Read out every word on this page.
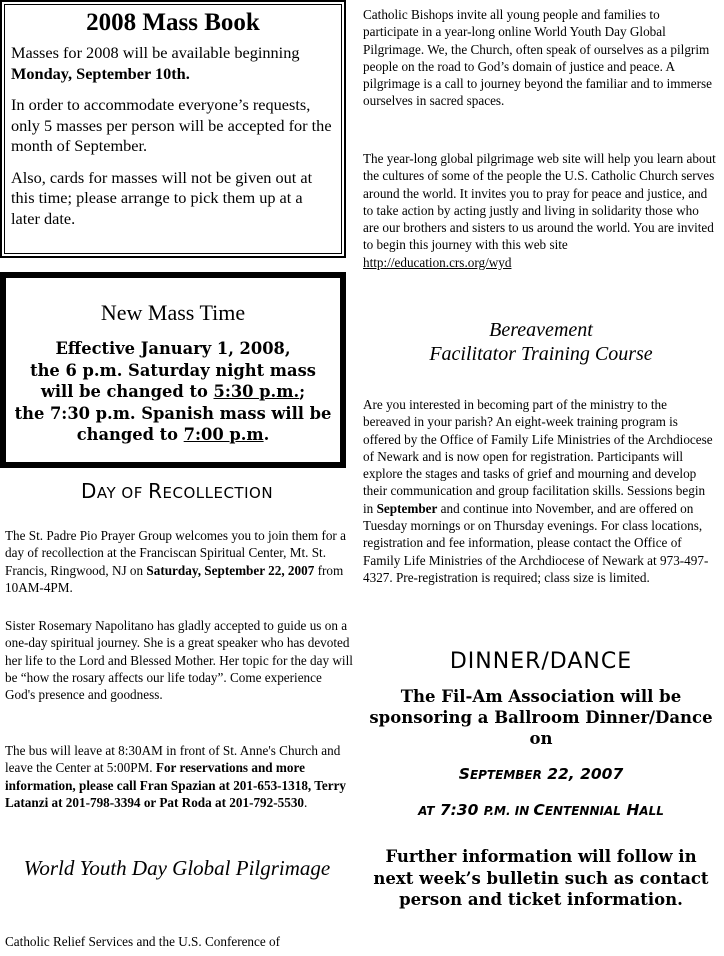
2008 Mass Book

Masses for 2008 will be available beginning Monday, September 10th.

In order to accommodate everyone’s requests, only 5 masses per person will be accepted for the month of September.

Also, cards for masses will not be given out at this time; please arrange to pick them up at a later date.

New Mass Time
Effective January 1, 2008,
the 6 p.m. Saturday night mass
will be changed to 5:30 p.m.;
the 7:30 p.m. Spanish mass will be
changed to 7:00 p.m.
DAY OF RECOLLECTION

The St. Padre Pio Prayer Group welcomes you to join them for a day of recollection at the Franciscan Spiritual Center, Mt. St. Francis, Ringwood, NJ on Saturday, September 22, 2007 from 10AM-4PM.

Sister Rosemary Napolitano has gladly accepted to guide us on a one-day spiritual journey. She is a great speaker who has devoted her life to the Lord and Blessed Mother. Her topic for the day will be “how the rosary affects our life today”. Come experience God's presence and goodness.

The bus will leave at 8:30AM in front of St. Anne's Church and leave the Center at 5:00PM. For reservations and more information, please call Fran Spazian at 201-653-1318, Terry Latanzi at 201-798-3394 or Pat Roda at 201-792-5530.

World Youth Day Global Pilgrimage

Catholic Relief Services and the U.S. Conference of

Catholic Bishops invite all young people and families to participate in a year-long online World Youth Day Global Pilgrimage. We, the Church, often speak of ourselves as a pilgrim people on the road to God’s domain of justice and peace. A pilgrimage is a call to journey beyond the familiar and to immerse ourselves in sacred spaces.

The year-long global pilgrimage web site will help you learn about the cultures of some of the people the U.S. Catholic Church serves around the world. It invites you to pray for peace and justice, and to take action by acting justly and living in solidarity those who are our brothers and sisters to us around the world. You are invited to begin this journey with this web site http://education.crs.org/wyd

Bereavement
Facilitator Training Course

Are you interested in becoming part of the ministry to the bereaved in your parish? An eight-week training program is offered by the Office of Family Life Ministries of the Archdiocese of Newark and is now open for registration. Participants will explore the stages and tasks of grief and mourning and develop their communication and group facilitation skills. Sessions begin in September and continue into November, and are offered on Tuesday mornings or on Thursday evenings. For class locations, registration and fee information, please contact the Office of Family Life Ministries of the Archdiocese of Newark at 973-497-4327. Pre-registration is required; class size is limited.

DINNER/DANCE
The Fil-Am Association will be sponsoring a Ballroom Dinner/Dance on
SEPTEMBER 22, 2007
AT 7:30 P.M. IN CENTENNIAL HALL
Further information will follow in next week’s bulletin such as contact person and ticket information.
